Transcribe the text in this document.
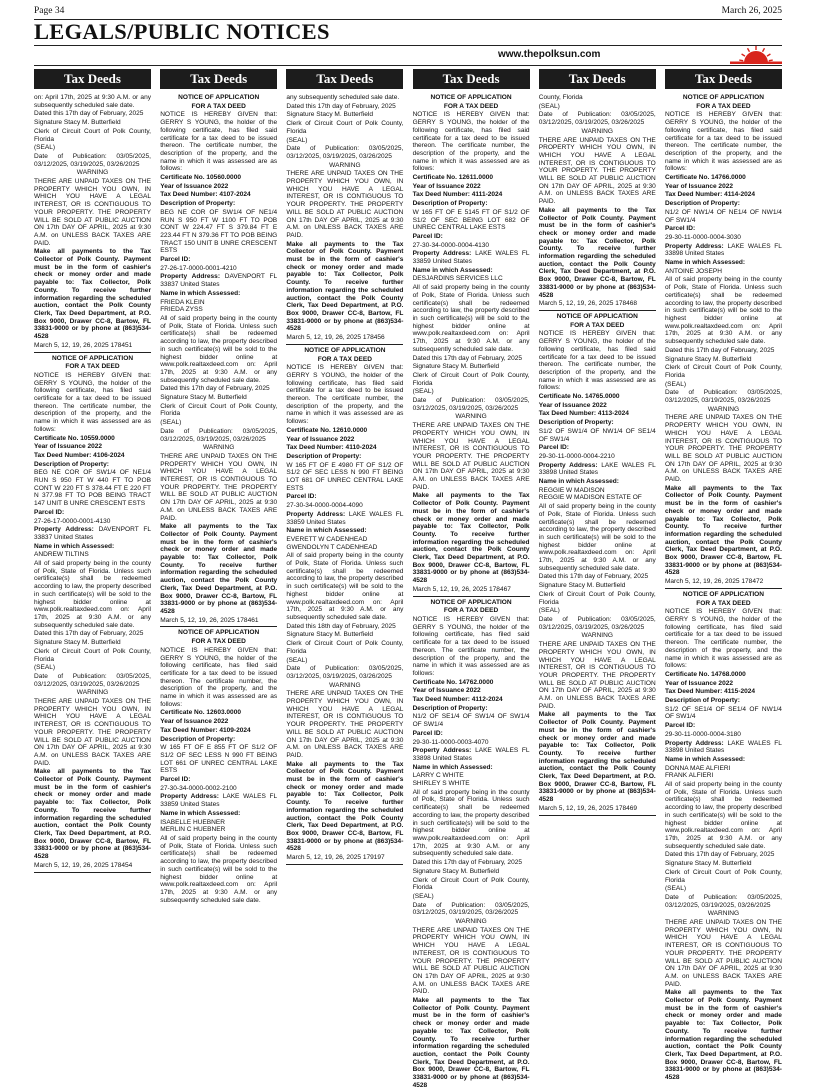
Page 34	March 26, 2025
LEGALS/PUBLIC NOTICES
www.thepolksun.com
Tax Deeds

on: April 17th, 2025 at 9:30 A.M. or any subsequently scheduled sale date.

Dated this 17th day of February, 2025

Signature Stacy M. Butterfield

Clerk of Circuit Court of Polk County, Florida

(SEAL)

Date of Publication: 03/05/2025, 03/12/2025, 03/19/2025, 03/26/2025

WARNING

THERE ARE UNPAID TAXES ON THE PROPERTY WHICH YOU OWN, IN WHICH YOU HAVE A LEGAL INTEREST, OR IS CONTIGUOUS TO YOUR PROPERTY. THE PROPERTY WILL BE SOLD AT PUBLIC AUCTION ON 17th DAY OF APRIL, 2025 at 9:30 A.M. on UNLESS BACK TAXES ARE PAID.

Make all payments to the Tax Collector of Polk County. Payment must be in the form of cashier's check or money order and made payable to: Tax Collector, Polk County. To receive further information regarding the scheduled auction, contact the Polk County Clerk, Tax Deed Department, at P.O. Box 9000, Drawer CC-8, Bartow, FL 33831-9000 or by phone at (863)534-4528

March 5, 12, 19, 26, 2025 178451

NOTICE OF APPLICATION

FOR A TAX DEED

NOTICE IS HEREBY GIVEN that: GERRY S YOUNG, the holder of the following certificate, has filed said certificate for a tax deed to be issued thereon. The certificate number, the description of the property, and the name in which it was assessed are as follows:

Certificate No. 10559.0000

Year of Issuance 2022

Tax Deed Number: 4106-2024

Description of Property:

BEG NE COR OF SW1/4 OF NE1/4 RUN S 950 FT W 440 FT TO POB CONT W 220 FT S 378.44 FT E 220 FT N 377.98 FT TO POB BEING TRACT 147 UNIT B UNRE CRESCENT ESTS

Parcel ID:

27-26-17-0000-0001-4130

Property Address: DAVENPORT FL 33837 United States

Name in which Assessed:

ANDREW TILTINS

All of said property being in the county of Polk, State of Florida. Unless such certificate(s) shall be redeemed according to law, the property described in such certificate(s) will be sold to the highest bidder online at www.polk.realtaxdeed.com on: April 17th, 2025 at 9:30 A.M. or any subsequently scheduled sale date.

Dated this 17th day of February, 2025

Signature Stacy M. Butterfield

Clerk of Circuit Court of Polk County, Florida

(SEAL)

Date of Publication: 03/05/2025, 03/12/2025, 03/19/2025, 03/26/2025

WARNING

THERE ARE UNPAID TAXES ON THE PROPERTY WHICH YOU OWN, IN WHICH YOU HAVE A LEGAL INTEREST, OR IS CONTIGUOUS TO YOUR PROPERTY. THE PROPERTY WILL BE SOLD AT PUBLIC AUCTION ON 17th DAY OF APRIL, 2025 at 9:30 A.M. on UNLESS BACK TAXES ARE PAID.

Make all payments to the Tax Collector of Polk County. Payment must be in the form of cashier's check or money order and made payable to: Tax Collector, Polk County. To receive further information regarding the scheduled auction, contact the Polk County Clerk, Tax Deed Department, at P.O. Box 9000, Drawer CC-8, Bartow, FL 33831-9000 or by phone at (863)534-4528

March 5, 12, 19, 26, 2025 178454

Tax Deeds

NOTICE OF APPLICATION

FOR A TAX DEED

NOTICE IS HEREBY GIVEN that: GERRY S YOUNG, the holder of the following certificate, has filed said certificate for a tax deed to be issued thereon. The certificate number, the description of the property, and the name in which it was assessed are as follows:

Certificate No. 10560.0000

Year of Issuance 2022

Tax Deed Number: 4107-2024

Description of Property:

BEG NE COR OF SW1/4 OF NE1/4 RUN S 950 FT W 1100 FT TO POB CONT W 224.47 FT S 379.84 FT E 223.44 FT N 379.36 FT TO POB BEING TRACT 150 UNIT B UNRE CRESCENT ESTS

Parcel ID:

27-26-17-0000-0001-4210

Property Address: DAVENPORT FL 33837 United States

Name in which Assessed:

FRIEDA KLEIN
FRIEDA ZYSS

All of said property being in the county of Polk, State of Florida. Unless such certificate(s) shall be redeemed according to law, the property described in such certificate(s) will be sold to the highest bidder online at www.polk.realtaxdeed.com on: April 17th, 2025 at 9:30 A.M. or any subsequently scheduled sale date.

Dated this 17th day of February, 2025

Signature Stacy M. Butterfield

Clerk of Circuit Court of Polk County, Florida

(SEAL)

Date of Publication: 03/05/2025, 03/12/2025, 03/19/2025, 03/26/2025

WARNING

THERE ARE UNPAID TAXES ON THE PROPERTY WHICH YOU OWN, IN WHICH YOU HAVE A LEGAL INTEREST, OR IS CONTIGUOUS TO YOUR PROPERTY. THE PROPERTY WILL BE SOLD AT PUBLIC AUCTION ON 17th DAY OF APRIL, 2025 at 9:30 A.M. on UNLESS BACK TAXES ARE PAID.

Make all payments to the Tax Collector of Polk County. Payment must be in the form of cashier's check or money order and made payable to: Tax Collector, Polk County. To receive further information regarding the scheduled auction, contact the Polk County Clerk, Tax Deed Department, at P.O. Box 9000, Drawer CC-8, Bartow, FL 33831-9000 or by phone at (863)534-4528

March 5, 12, 19, 26, 2025 178461

NOTICE OF APPLICATION

FOR A TAX DEED

NOTICE IS HEREBY GIVEN that: GERRY S YOUNG, the holder of the following certificate, has filed said certificate for a tax deed to be issued thereon. The certificate number, the description of the property, and the name in which it was assessed are as follows:

Certificate No. 12603.0000

Year of Issuance 2022

Tax Deed Number: 4109-2024

Description of Property:

W 165 FT OF E 855 FT OF S1/2 OF S1/2 OF SEC LESS N 990 FT BEING LOT 661 OF UNREC CENTRAL LAKE ESTS

Parcel ID:

27-30-34-0000-0002-2100

Property Address: LAKE WALES FL 33859 United States

Name in which Assessed:

ISABELLE HUEBNER
MERLIN C HUEBNER

All of said property being in the county of Polk, State of Florida. Unless such certificate(s) shall be redeemed according to law, the property described in such certificate(s) will be sold to the highest bidder online at www.polk.realtaxdeed.com on: April 17th, 2025 at 9:30 A.M. or any subsequently scheduled sale date.

Tax Deeds

any subsequently scheduled sale date.

Dated this 17th day of February, 2025

Signature Stacy M. Butterfield

Clerk of Circuit Court of Polk County, Florida

(SEAL)

Date of Publication: 03/05/2025, 03/12/2025, 03/19/2025, 03/26/2025

WARNING

THERE ARE UNPAID TAXES ON THE PROPERTY WHICH YOU OWN, IN WHICH YOU HAVE A LEGAL INTEREST, OR IS CONTIGUOUS TO YOUR PROPERTY. THE PROPERTY WILL BE SOLD AT PUBLIC AUCTION ON 17th DAY OF APRIL, 2025 at 9:30 A.M. on UNLESS BACK TAXES ARE PAID.

Make all payments to the Tax Collector of Polk County. Payment must be in the form of cashier's check or money order and made payable to: Tax Collector, Polk County. To receive further information regarding the scheduled auction, contact the Polk County Clerk, Tax Deed Department, at P.O. Box 9000, Drawer CC-8, Bartow, FL 33831-9000 or by phone at (863)534-4528

March 5, 12, 19, 26, 2025 178456

NOTICE OF APPLICATION

FOR A TAX DEED

NOTICE IS HEREBY GIVEN that: GERRY S YOUNG, the holder of the following certificate, has filed said certificate for a tax deed to be issued thereon. The certificate number, the description of the property, and the name in which it was assessed are as follows:

Certificate No. 12610.0000

Year of Issuance 2022

Tax Deed Number: 4110-2024

Description of Property:

W 165 FT OF E 4980 FT OF S1/2 OF S1/2 OF SEC LESS N 990 FT BEING LOT 681 OF UNREC CENTRAL LAKE ESTS

Parcel ID:

27-30-34-0000-0004-4090

Property Address: LAKE WALES FL 33859 United States

Name in which Assessed:

EVERETT W CADENHEAD
GWENDOLYN T CADENHEAD

All of said property being in the county of Polk, State of Florida. Unless such certificate(s) shall be redeemed according to law, the property described in such certificate(s) will be sold to the highest bidder online at www.polk.realtaxdeed.com on: April 17th, 2025 at 9:30 A.M. or any subsequently scheduled sale date.

Dated this 18th day of February, 2025

Signature Stacy M. Butterfield

Clerk of Circuit Court of Polk County, Florida

(SEAL)

Date of Publication: 03/05/2025, 03/12/2025, 03/19/2025, 03/26/2025

WARNING

THERE ARE UNPAID TAXES ON THE PROPERTY WHICH YOU OWN, IN WHICH YOU HAVE A LEGAL INTEREST, OR IS CONTIGUOUS TO YOUR PROPERTY. THE PROPERTY WILL BE SOLD AT PUBLIC AUCTION ON 17th DAY OF APRIL, 2025 at 9:30 A.M. on UNLESS BACK TAXES ARE PAID.

Make all payments to the Tax Collector of Polk County. Payment must be in the form of cashier's check or money order and made payable to: Tax Collector, Polk County. To receive further information regarding the scheduled auction, contact the Polk County Clerk, Tax Deed Department, at P.O. Box 9000, Drawer CC-8, Bartow, FL 33831-9000 or by phone at (863)534-4528

March 5, 12, 19, 26, 2025 179197

Tax Deeds

NOTICE OF APPLICATION

FOR A TAX DEED

NOTICE IS HEREBY GIVEN that: GERRY S YOUNG, the holder of the following certificate, has filed said certificate for a tax deed to be issued thereon. The certificate number, the description of the property, and the name in which it was assessed are as follows:

Certificate No. 12611.0000

Year of Issuance 2022

Tax Deed Number: 4111-2024

Description of Property:

W 165 FT OF E 5145 FT OF S1/2 OF S1/2 OF SEC BEING LOT 682 OF UNREC CENTRAL LAKE ESTS

Parcel ID:

27-30-34-0000-0004-4130

Property Address: LAKE WALES FL 33859 United States

Name in which Assessed:

DESJARDINS SERVICES LLC

All of said property being in the county of Polk, State of Florida. Unless such certificate(s) shall be redeemed according to law, the property described in such certificate(s) will be sold to the highest bidder online at www.polk.realtaxdeed.com on: April 17th, 2025 at 9:30 A.M. or any subsequently scheduled sale date.

Dated this 17th day of February, 2025

Signature Stacy M. Butterfield

Clerk of Circuit Court of Polk County, Florida

(SEAL)

Date of Publication: 03/05/2025, 03/12/2025, 03/19/2025, 03/26/2025

WARNING

THERE ARE UNPAID TAXES ON THE PROPERTY WHICH YOU OWN, IN WHICH YOU HAVE A LEGAL INTEREST, OR IS CONTIGUOUS TO YOUR PROPERTY. THE PROPERTY WILL BE SOLD AT PUBLIC AUCTION ON 17th DAY OF APRIL, 2025 at 9:30 A.M. on UNLESS BACK TAXES ARE PAID.

Make all payments to the Tax Collector of Polk County. Payment must be in the form of cashier's check or money order and made payable to: Tax Collector, Polk County. To receive further information regarding the scheduled auction, contact the Polk County Clerk, Tax Deed Department, at P.O. Box 9000, Drawer CC-8, Bartow, FL 33831-9000 or by phone at (863)534-4528

March 5, 12, 19, 26, 2025 178467

NOTICE OF APPLICATION

FOR A TAX DEED

NOTICE IS HEREBY GIVEN that: GERRY S YOUNG, the holder of the following certificate, has filed said certificate for a tax deed to be issued thereon. The certificate number, the description of the property, and the name in which it was assessed are as follows:

Certificate No. 14762.0000

Year of Issuance 2022

Tax Deed Number: 4112-2024

Description of Property:

N1/2 OF SE1/4 OF SW1/4 OF SW1/4 OF SW1/4

Parcel ID:

29-30-11-0000-0003-4070

Property Address: LAKE WALES FL 33898 United States

Name in which Assessed:

LARRY C WHITE
SHIRLEY S WHITE

All of said property being in the county of Polk, State of Florida. Unless such certificate(s) shall be redeemed according to law, the property described in such certificate(s) will be sold to the highest bidder online at www.polk.realtaxdeed.com on: April 17th, 2025 at 9:30 A.M. or any subsequently scheduled sale date.

Dated this 17th day of February, 2025

Signature Stacy M. Butterfield

Clerk of Circuit Court of Polk County, Florida

(SEAL)

Date of Publication: 03/05/2025, 03/12/2025, 03/19/2025, 03/26/2025

WARNING

THERE ARE UNPAID TAXES ON THE PROPERTY WHICH YOU OWN, IN WHICH YOU HAVE A LEGAL INTEREST, OR IS CONTIGUOUS TO YOUR PROPERTY. THE PROPERTY WILL BE SOLD AT PUBLIC AUCTION ON 17th DAY OF APRIL, 2025 at 9:30 A.M. on UNLESS BACK TAXES ARE PAID.

Make all payments to the Tax Collector of Polk County. Payment must be in the form of cashier's check or money order and made payable to: Tax Collector, Polk County. To receive further information regarding the scheduled auction, contact the Polk County Clerk, Tax Deed Department, at P.O. Box 9000, Drawer CC-8, Bartow, FL 33831-9000 or by phone at (863)534-4528

Tax Deeds

County, Florida

(SEAL)

Date of Publication: 03/05/2025, 03/12/2025, 03/19/2025, 03/26/2025

WARNING

THERE ARE UNPAID TAXES ON THE PROPERTY WHICH YOU OWN, IN WHICH YOU HAVE A LEGAL INTEREST, OR IS CONTIGUOUS TO YOUR PROPERTY. THE PROPERTY WILL BE SOLD AT PUBLIC AUCTION ON 17th DAY OF APRIL, 2025 at 9:30 A.M. on UNLESS BACK TAXES ARE PAID.

Make all payments to the Tax Collector of Polk County. Payment must be in the form of cashier's check or money order and made payable to: Tax Collector, Polk County. To receive further information regarding the scheduled auction, contact the Polk County Clerk, Tax Deed Department, at P.O. Box 9000, Drawer CC-8, Bartow, FL 33831-9000 or by phone at (863)534-4528

March 5, 12, 19, 26, 2025 178468

NOTICE OF APPLICATION

FOR A TAX DEED

NOTICE IS HEREBY GIVEN that: GERRY S YOUNG, the holder of the following certificate, has filed said certificate for a tax deed to be issued thereon. The certificate number, the description of the property, and the name in which it was assessed are as follows:

Certificate No. 14765.0000

Year of Issuance 2022

Tax Deed Number: 4113-2024

Description of Property:

S1/2 OF SW1/4 OF NW1/4 OF SE1/4 OF SW1/4

Parcel ID:

29-30-11-0000-0004-2210

Property Address: LAKE WALES FL 33898 United States

Name in which Assessed:

REGGIE W MADISON
REGGIE W MADISON ESTATE OF

All of said property being in the county of Polk, State of Florida. Unless such certificate(s) shall be redeemed according to law, the property described in such certificate(s) will be sold to the highest bidder online at www.polk.realtaxdeed.com on: April 17th, 2025 at 9:30 A.M. or any subsequently scheduled sale date.

Dated this 17th day of February, 2025

Signature Stacy M. Butterfield

Clerk of Circuit Court of Polk County, Florida

(SEAL)

Date of Publication: 03/05/2025, 03/12/2025, 03/19/2025, 03/26/2025

WARNING

THERE ARE UNPAID TAXES ON THE PROPERTY WHICH YOU OWN, IN WHICH YOU HAVE A LEGAL INTEREST, OR IS CONTIGUOUS TO YOUR PROPERTY. THE PROPERTY WILL BE SOLD AT PUBLIC AUCTION ON 17th DAY OF APRIL, 2025 at 9:30 A.M. on UNLESS BACK TAXES ARE PAID.

Make all payments to the Tax Collector of Polk County. Payment must be in the form of cashier's check or money order and made payable to: Tax Collector, Polk County. To receive further information regarding the scheduled auction, contact the Polk County Clerk, Tax Deed Department, at P.O. Box 9000, Drawer CC-8, Bartow, FL 33831-9000 or by phone at (863)534-4528

March 5, 12, 19, 26, 2025 178469

Tax Deeds

NOTICE OF APPLICATION

FOR A TAX DEED

NOTICE IS HEREBY GIVEN that: GERRY S YOUNG, the holder of the following certificate, has filed said certificate for a tax deed to be issued thereon. The certificate number, the description of the property, and the name in which it was assessed are as follows:

Certificate No. 14766.0000

Year of Issuance 2022

Tax Deed Number: 4114-2024

Description of Property:

N1/2 OF NW1/4 OF NE1/4 OF NW1/4 OF SW1/4

Parcel ID:

29-30-11-0000-0004-3030

Property Address: LAKE WALES FL 33898 United States

Name in which Assessed:

ANTOINE JOSEPH

All of said property being in the county of Polk, State of Florida. Unless such certificate(s) shall be redeemed according to law, the property described in such certificate(s) will be sold to the highest bidder online at www.polk.realtaxdeed.com on: April 17th, 2025 at 9:30 A.M. or any subsequently scheduled sale date.

Dated this 17th day of February, 2025

Signature Stacy M. Butterfield

Clerk of Circuit Court of Polk County, Florida

(SEAL)

Date of Publication: 03/05/2025, 03/12/2025, 03/19/2025, 03/26/2025

WARNING

THERE ARE UNPAID TAXES ON THE PROPERTY WHICH YOU OWN, IN WHICH YOU HAVE A LEGAL INTEREST, OR IS CONTIGUOUS TO YOUR PROPERTY. THE PROPERTY WILL BE SOLD AT PUBLIC AUCTION ON 17th DAY OF APRIL, 2025 at 9:30 A.M. on UNLESS BACK TAXES ARE PAID.

Make all payments to the Tax Collector of Polk County. Payment must be in the form of cashier's check or money order and made payable to: Tax Collector, Polk County. To receive further information regarding the scheduled auction, contact the Polk County Clerk, Tax Deed Department, at P.O. Box 9000, Drawer CC-8, Bartow, FL 33831-9000 or by phone at (863)534-4528

March 5, 12, 19, 26, 2025 178472

NOTICE OF APPLICATION

FOR A TAX DEED

NOTICE IS HEREBY GIVEN that: GERRY S YOUNG, the holder of the following certificate, has filed said certificate for a tax deed to be issued thereon. The certificate number, the description of the property, and the name in which it was assessed are as follows:

Certificate No. 14768.0000

Year of Issuance 2022

Tax Deed Number: 4115-2024

Description of Property:

S1/2 OF SE1/4 OF SE1/4 OF NW1/4 OF SW1/4

Parcel ID:

29-30-11-0000-0004-3180

Property Address: LAKE WALES FL 33898 United States

Name in which Assessed:

DONNA MAE ALFIERI
FRANK ALFIERI

All of said property being in the county of Polk, State of Florida. Unless such certificate(s) shall be redeemed according to law, the property described in such certificate(s) will be sold to the highest bidder online at www.polk.realtaxdeed.com on: April 17th, 2025 at 9:30 A.M. or any subsequently scheduled sale date.

Dated this 17th day of February, 2025

Signature Stacy M. Butterfield

Clerk of Circuit Court of Polk County, Florida

(SEAL)

Date of Publication: 03/05/2025, 03/12/2025, 03/19/2025, 03/26/2025

WARNING

THERE ARE UNPAID TAXES ON THE PROPERTY WHICH YOU OWN, IN WHICH YOU HAVE A LEGAL INTEREST, OR IS CONTIGUOUS TO YOUR PROPERTY. THE PROPERTY WILL BE SOLD AT PUBLIC AUCTION ON 17th DAY OF APRIL, 2025 at 9:30 A.M. on UNLESS BACK TAXES ARE PAID.

Make all payments to the Tax Collector of Polk County. Payment must be in the form of cashier's check or money order and made payable to: Tax Collector, Polk County. To receive further information regarding the scheduled auction, contact the Polk County Clerk, Tax Deed Department, at P.O. Box 9000, Drawer CC-8, Bartow, FL 33831-9000 or by phone at (863)534-4528
